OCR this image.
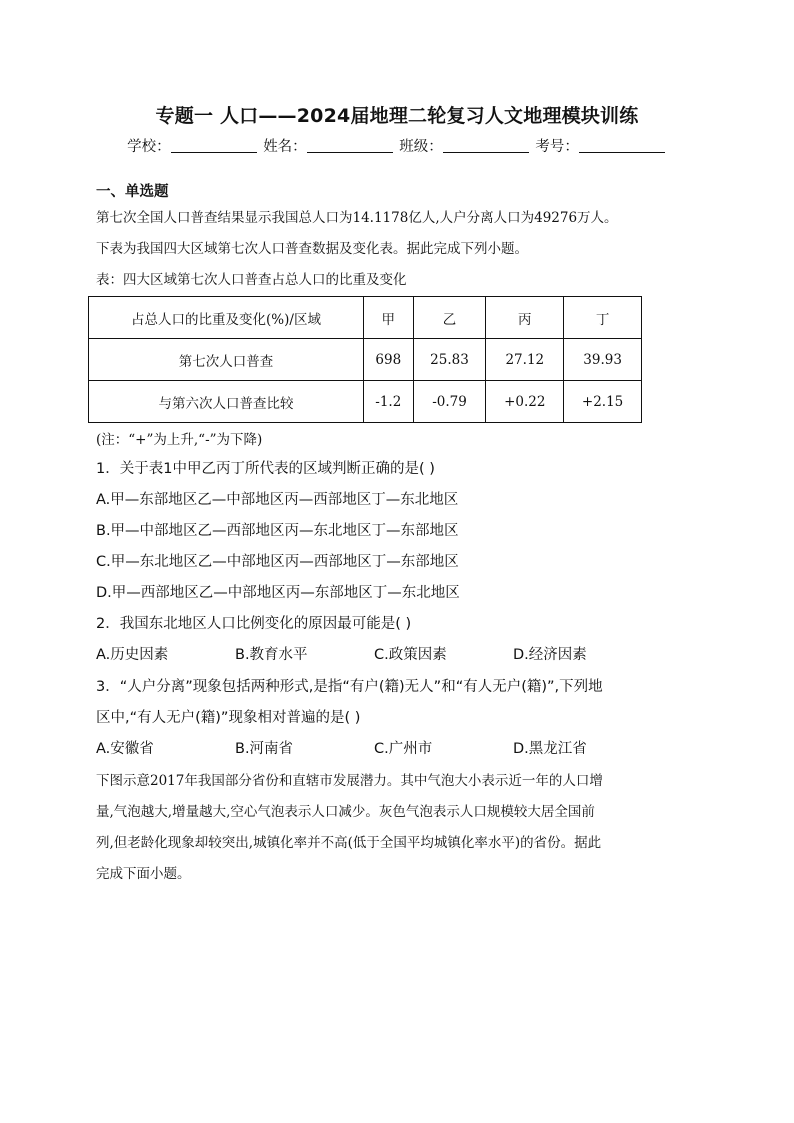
专题一 人口——2024届地理二轮复习人文地理模块训练
学校：	姓名：	班级：	考号：
一、单选题
第七次全国人口普查结果显示我国总人口为14.1178亿人,人户分离人口为49276万人。
下表为我国四大区域第七次人口普查数据及变化表。据此完成下列小题。
表：四大区域第七次人口普查占总人口的比重及变化
占总人口的比重及变化(%)/区域	甲	乙	丙	丁
第七次人口普查	698	25.83	27.12	39.93
与第六次人口普查比较	-1.2	-0.79	+0.22	+2.15
(注：“+”为上升,“-”为下降)
1．关于表1中甲乙丙丁所代表的区域判断正确的是( )
A.甲—东部地区乙—中部地区丙—西部地区丁—东北地区
B.甲—中部地区乙—西部地区丙—东北地区丁—东部地区
C.甲—东北地区乙—中部地区丙—西部地区丁—东部地区
D.甲—西部地区乙—中部地区丙—东部地区丁—东北地区
2．我国东北地区人口比例变化的原因最可能是( )
A.历史因素	B.教育水平	C.政策因素	D.经济因素
3．“人户分离”现象包括两种形式,是指“有户(籍)无人”和“有人无户(籍)”,下列地
区中,“有人无户(籍)”现象相对普遍的是( )
A.安徽省	B.河南省	C.广州市	D.黑龙江省
下图示意2017年我国部分省份和直辖市发展潜力。其中气泡大小表示近一年的人口增
量,气泡越大,增量越大,空心气泡表示人口减少。灰色气泡表示人口规模较大居全国前
列,但老龄化现象却较突出,城镇化率并不高(低于全国平均城镇化率水平)的省份。据此
完成下面小题。
